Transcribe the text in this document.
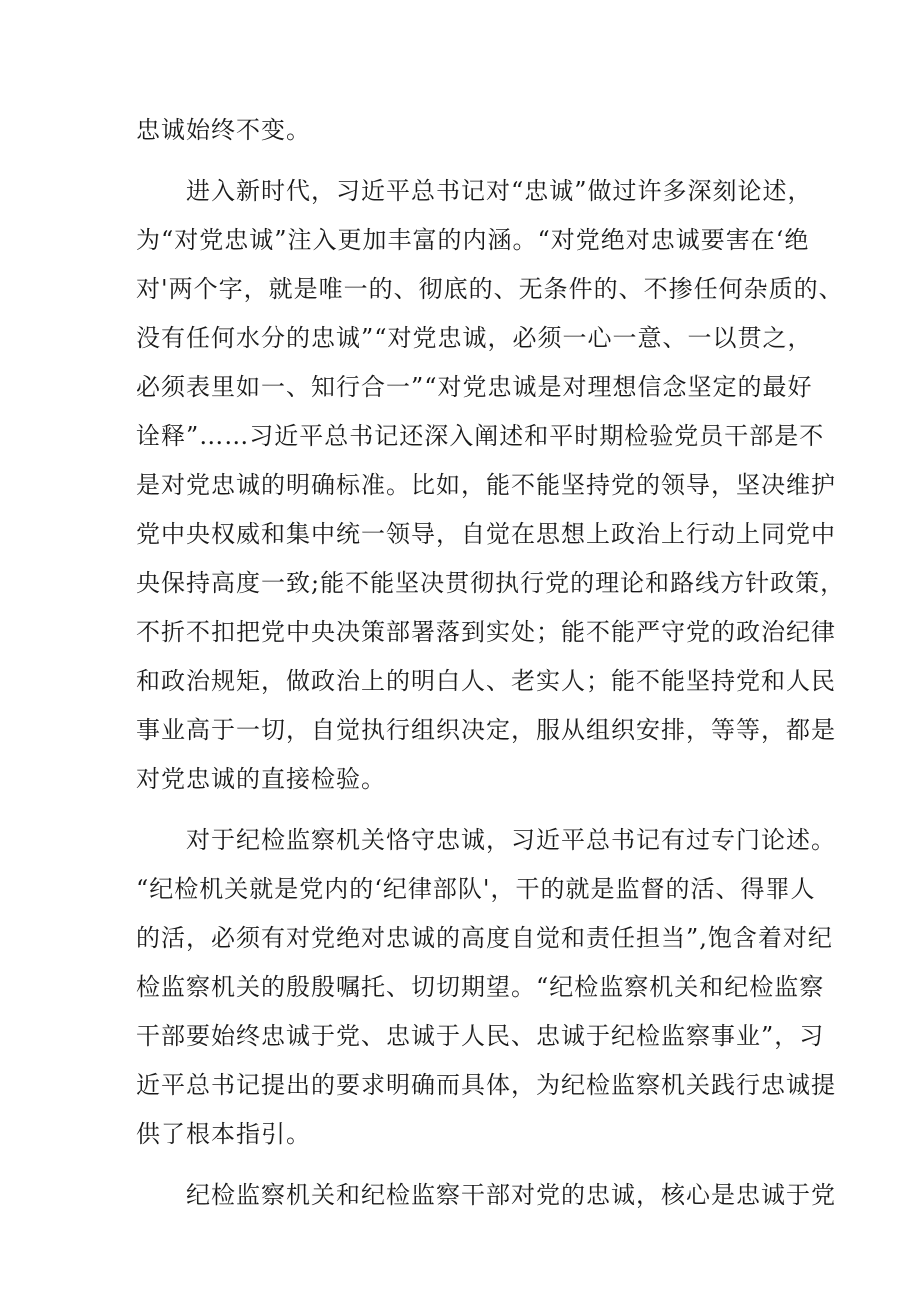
忠诚始终不变。
进入新时代，习近平总书记对“忠诚”做过许多深刻论述，
为“对党忠诚”注入更加丰富的内涵。“对党绝对忠诚要害在‘绝
对'两个字，就是唯一的、彻底的、无条件的、不掺任何杂质的、
没有任何水分的忠诚”“对党忠诚，必须一心一意、一以贯之，
必须表里如一、知行合一”“对党忠诚是对理想信念坚定的最好
诠释”……习近平总书记还深入阐述和平时期检验党员干部是不
是对党忠诚的明确标准。比如，能不能坚持党的领导，坚决维护
党中央权威和集中统一领导，自觉在思想上政治上行动上同党中
央保持高度一致;能不能坚决贯彻执行党的理论和路线方针政策，
不折不扣把党中央决策部署落到实处；能不能严守党的政治纪律
和政治规矩，做政治上的明白人、老实人；能不能坚持党和人民
事业高于一切，自觉执行组织决定，服从组织安排，等等，都是
对党忠诚的直接检验。
对于纪检监察机关恪守忠诚，习近平总书记有过专门论述。
“纪检机关就是党内的‘纪律部队'，干的就是监督的活、得罪人
的活，必须有对党绝对忠诚的高度自觉和责任担当”,饱含着对纪
检监察机关的殷殷嘱托、切切期望。“纪检监察机关和纪检监察
干部要始终忠诚于党、忠诚于人民、忠诚于纪检监察事业”，习
近平总书记提出的要求明确而具体，为纪检监察机关践行忠诚提
供了根本指引。
纪检监察机关和纪检监察干部对党的忠诚，核心是忠诚于党
